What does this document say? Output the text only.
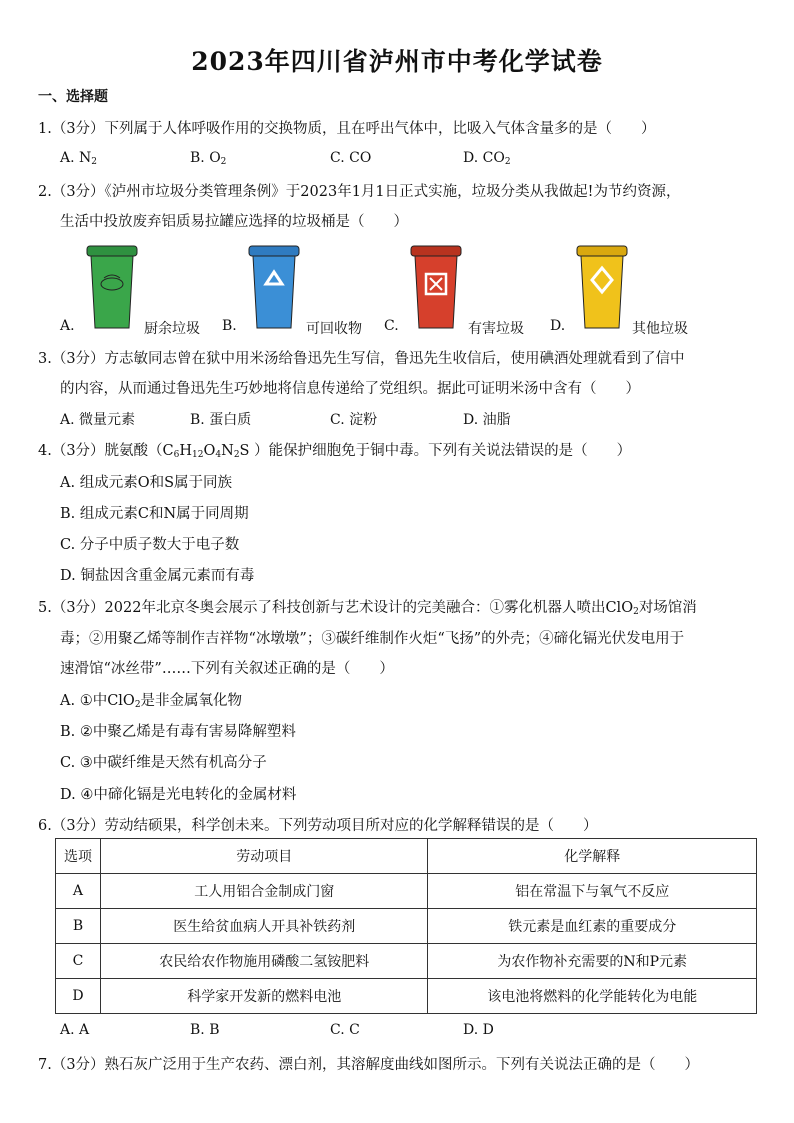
2023年四川省泸州市中考化学试卷
一、选择题
1.（3分）下列属于人体呼吸作用的交换物质，且在呼出气体中，比吸入气体含量多的是（　　）
A. $N_2$	B. $O_2$	C. CO	D. $CO_2$
2.（3分）《泸州市垃圾分类管理条例》于2023年1月1日正式实施，垃圾分类从我做起!为节约资源，
生活中投放废弃铝质易拉罐应选择的垃圾桶是（　　）
A.	厨余垃圾 B.	可回收物 C.	有害垃圾 D.	其他垃圾
3.（3分）方志敏同志曾在狱中用米汤给鲁迅先生写信，鲁迅先生收信后，使用碘酒处理就看到了信中
的内容，从而通过鲁迅先生巧妙地将信息传递给了党组织。据此可证明米汤中含有（　　）
A. 微量元素	B. 蛋白质	C. 淀粉	D. 油脂
4.（3分）胱氨酸（$C_6H_{12}O_4N_2S$ ）能保护细胞免于铜中毒。下列有关说法错误的是（　　）
A. 组成元素O和S属于同族
B. 组成元素C和N属于同周期
C. 分子中质子数大于电子数
D. 铜盐因含重金属元素而有毒
5.（3分）2022年北京冬奥会展示了科技创新与艺术设计的完美融合：①雾化机器人喷出ClO$_2$对场馆消
毒；②用聚乙烯等制作吉祥物“冰墩墩”；③碳纤维制作火炬“飞扬”的外壳；④碲化镉光伏发电用于
速滑馆“冰丝带”……下列有关叙述正确的是（　　）
A. ①中ClO$_2$是非金属氧化物
B. ②中聚乙烯是有毒有害易降解塑料
C. ③中碳纤维是天然有机高分子
D. ④中碲化镉是光电转化的金属材料
6.（3分）劳动结硕果，科学创未来。下列劳动项目所对应的化学解释错误的是（　　）
选项	劳动项目	化学解释
A	工人用铝合金制成门窗	铝在常温下与氧气不反应
B	医生给贫血病人开具补铁药剂	铁元素是血红素的重要成分
C	农民给农作物施用磷酸二氢铵肥料	为农作物补充需要的N和P元素
D	科学家开发新的燃料电池	该电池将燃料的化学能转化为电能
A. A	B. B	C. C	D. D
7.（3分）熟石灰广泛用于生产农药、漂白剂，其溶解度曲线如图所示。下列有关说法正确的是（　　）
